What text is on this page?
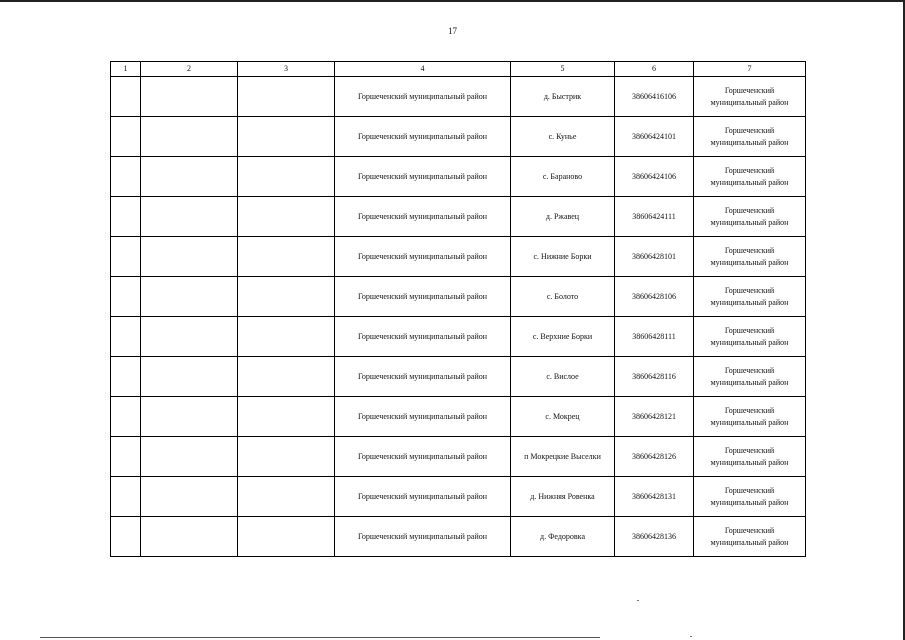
17
1	2	3	4	5	6	7
			Горшеченский муниципальный район	д. Быстрик	38606416106	Горшеченский
муниципальный район

			Горшеченский муниципальный район	с. Кунье	38606424101	Горшеченский
муниципальный район

			Горшеченский муниципальный район	с. Бараново	38606424106	Горшеченский
муниципальный район

			Горшеченский муниципальный район	д. Ржавец	38606424111	Горшеченский
муниципальный район

			Горшеченский муниципальный район	с. Нижние Борки	38606428101	Горшеченский
муниципальный район

			Горшеченский муниципальный район	с. Болото	38606428106	Горшеченский
муниципальный район

			Горшеченский муниципальный район	с. Верхние Борки	38606428111	Горшеченский
муниципальный район

			Горшеченский муниципальный район	с. Вислое	38606428116	Горшеченский
муниципальный район

			Горшеченский муниципальный район	с. Мокрец	38606428121	Горшеченский
муниципальный район

			Горшеченский муниципальный район	п Мокрецкие Выселки	38606428126	Горшеченский
муниципальный район

			Горшеченский муниципальный район	д. Нижняя Ровенка	38606428131	Горшеченский
муниципальный район

			Горшеченский муниципальный район	д. Федоровка	38606428136	Горшеченский
муниципальный район
